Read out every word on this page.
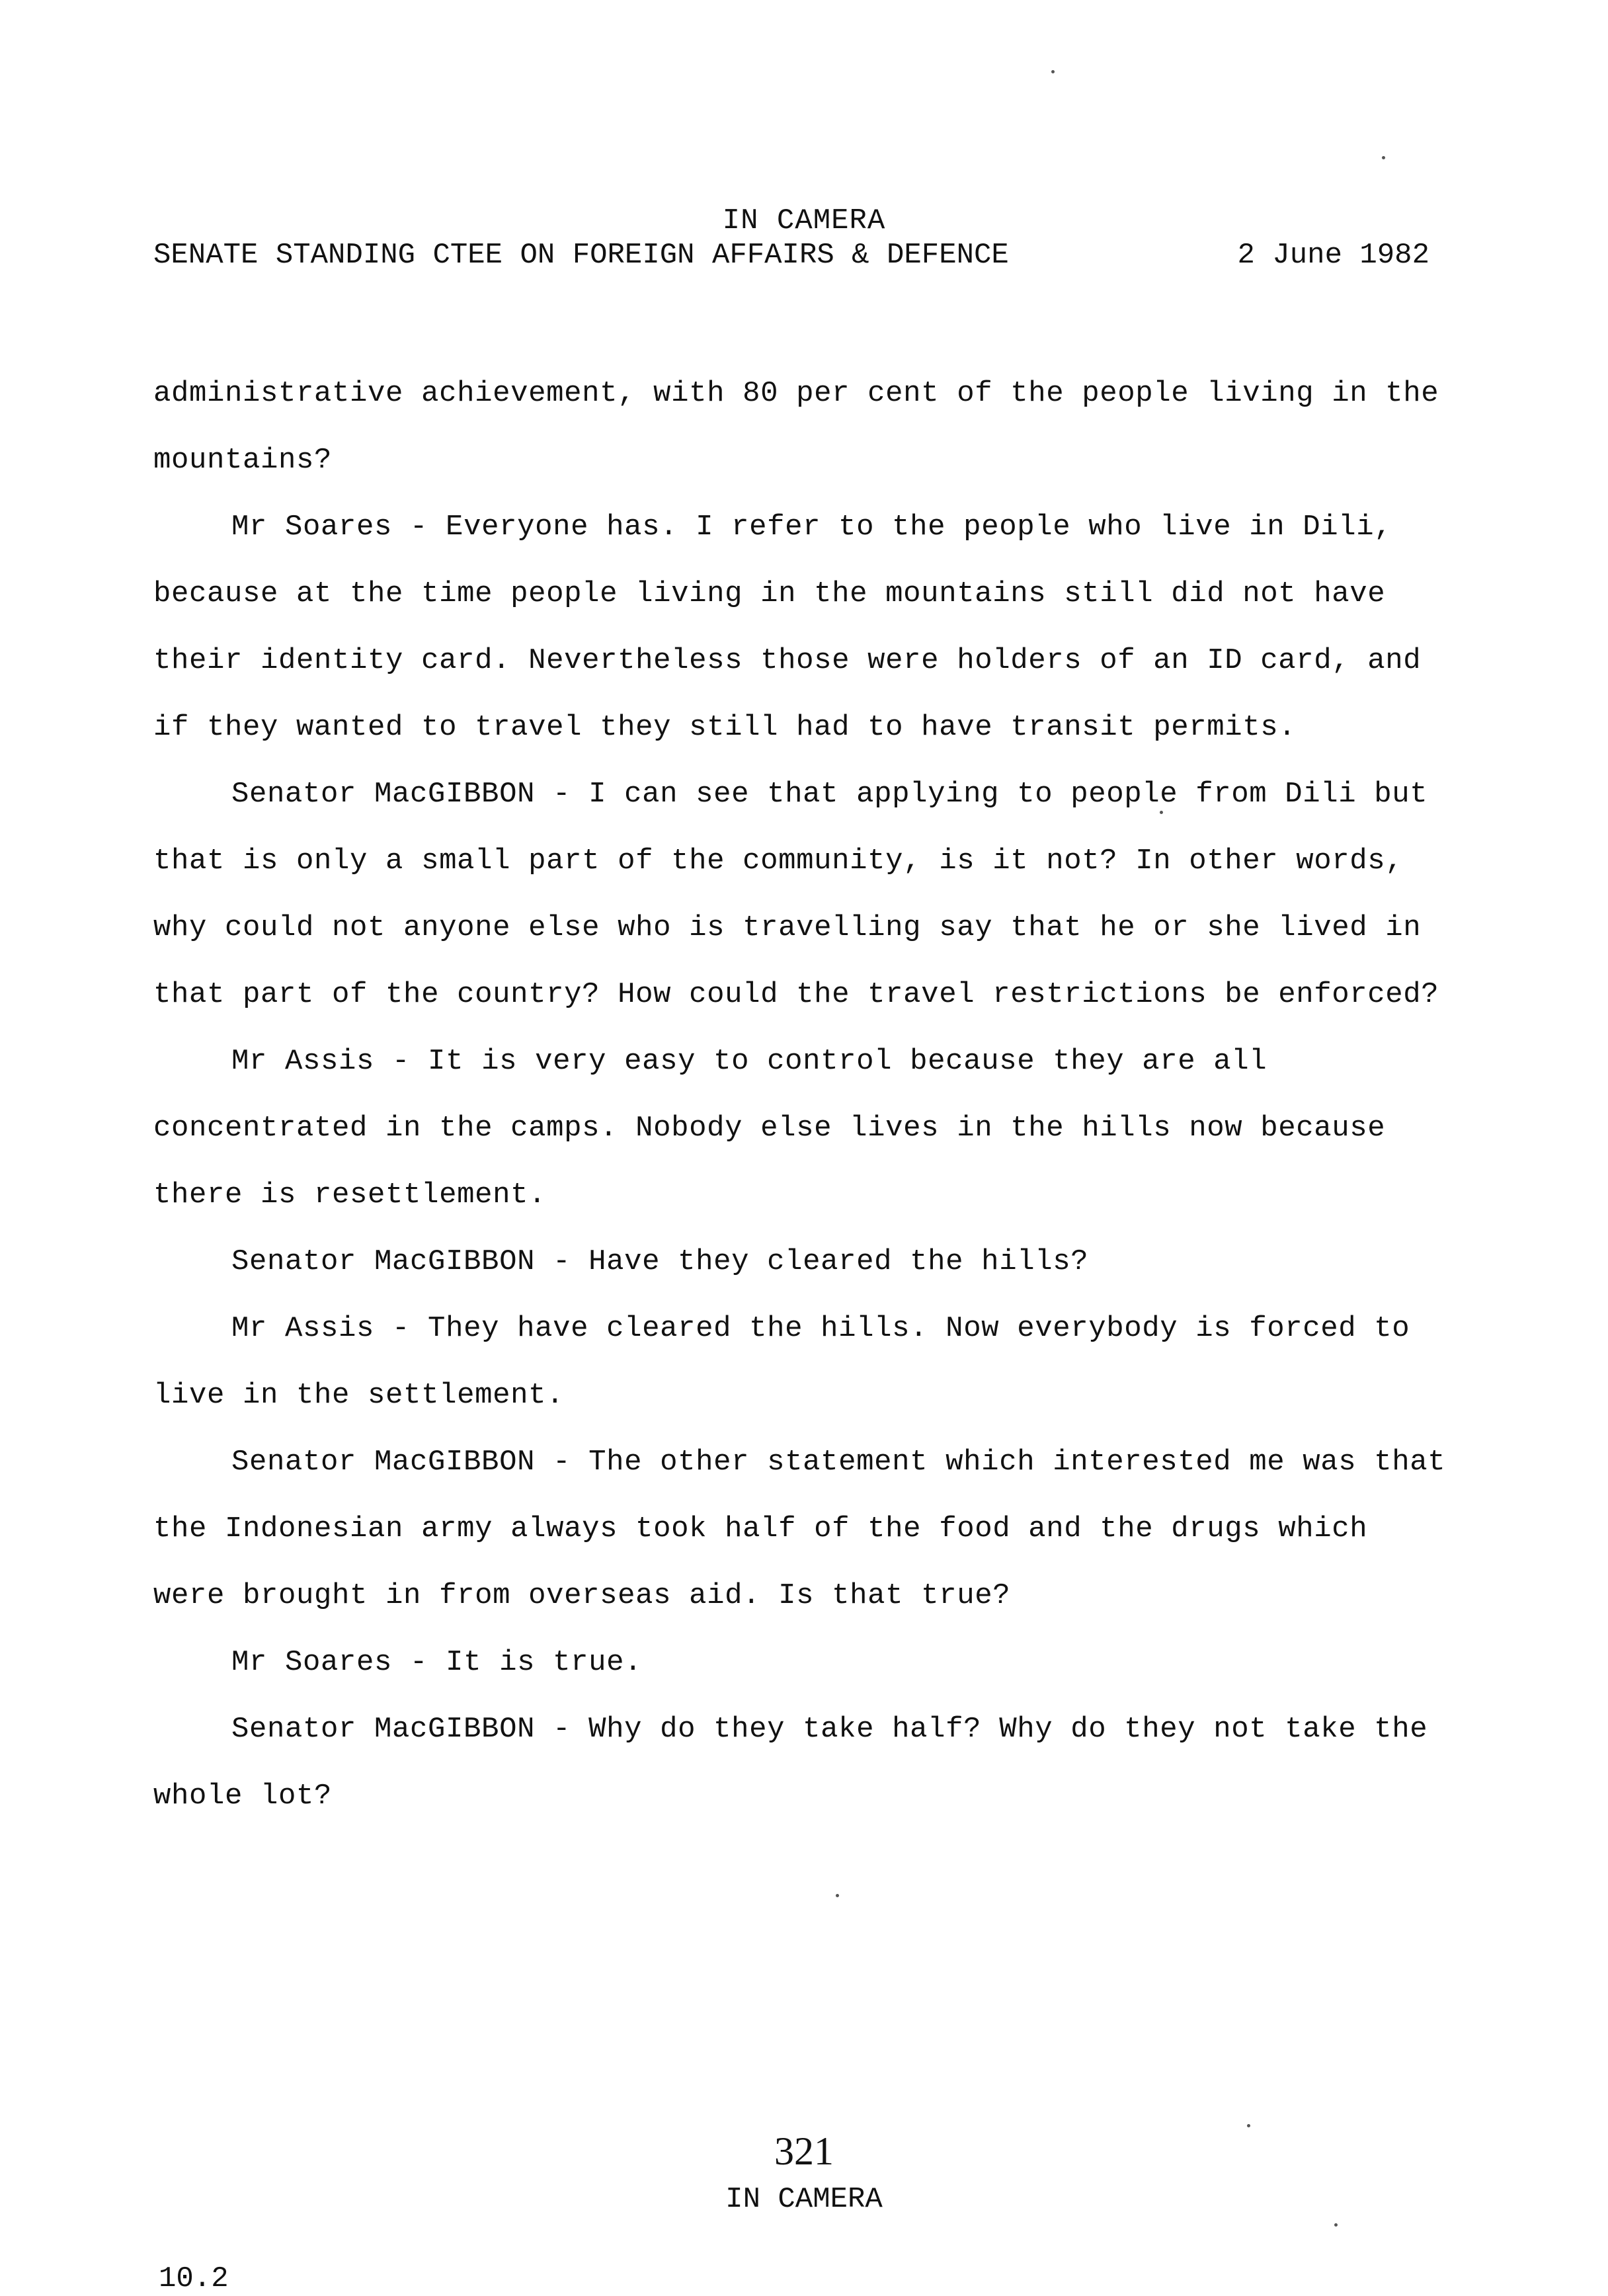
IN CAMERA
SENATE STANDING CTEE ON FOREIGN AFFAIRS & DEFENCE	2 June 1982

administrative achievement, with 80 per cent of the people living in the mountains?

Mr Soares - Everyone has. I refer to the people who live in Dili, because at the time people living in the mountains still did not have their identity card. Nevertheless those were holders of an ID card, and if they wanted to travel they still had to have transit permits.

Senator MacGIBBON - I can see that applying to people from Dili but that is only a small part of the community, is it not? In other words, why could not anyone else who is travelling say that he or she lived in that part of the country? How could the travel restrictions be enforced?

Mr Assis - It is very easy to control because they are all concentrated in the camps. Nobody else lives in the hills now because there is resettlement.

Senator MacGIBBON - Have they cleared the hills?

Mr Assis - They have cleared the hills. Now everybody is forced to live in the settlement.

Senator MacGIBBON - The other statement which interested me was that the Indonesian army always took half of the food and the drugs which were brought in from overseas aid. Is that true?

Mr Soares - It is true.

Senator MacGIBBON - Why do they take half? Why do they not take the whole lot?

321
IN CAMERA
10.2
